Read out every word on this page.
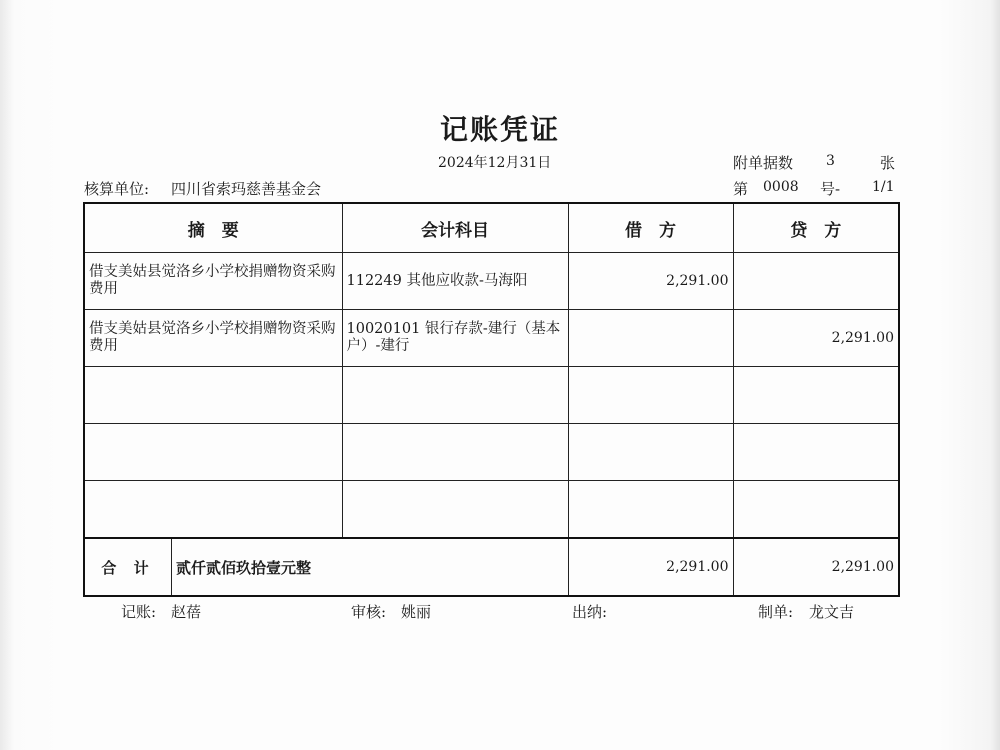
记账凭证
2024年12月31日	附单据数 3	张
核算单位: 四川省索玛慈善基金会	第 0008 号- 1/1
摘　要	会计科目	借　方	贷　方
借支美姑县觉洛乡小学校捐赠物资采购费用	112249 其他应收款-马海阳	2,291.00	
借支美姑县觉洛乡小学校捐赠物资采购费用	10020101 银行存款-建行（基本户）-建行		2,291.00

合 计 贰仟贰佰玖拾壹元整		2,291.00	2,291.00
记账: 赵蓓	审核: 姚丽	出纳:	制单: 龙文吉
